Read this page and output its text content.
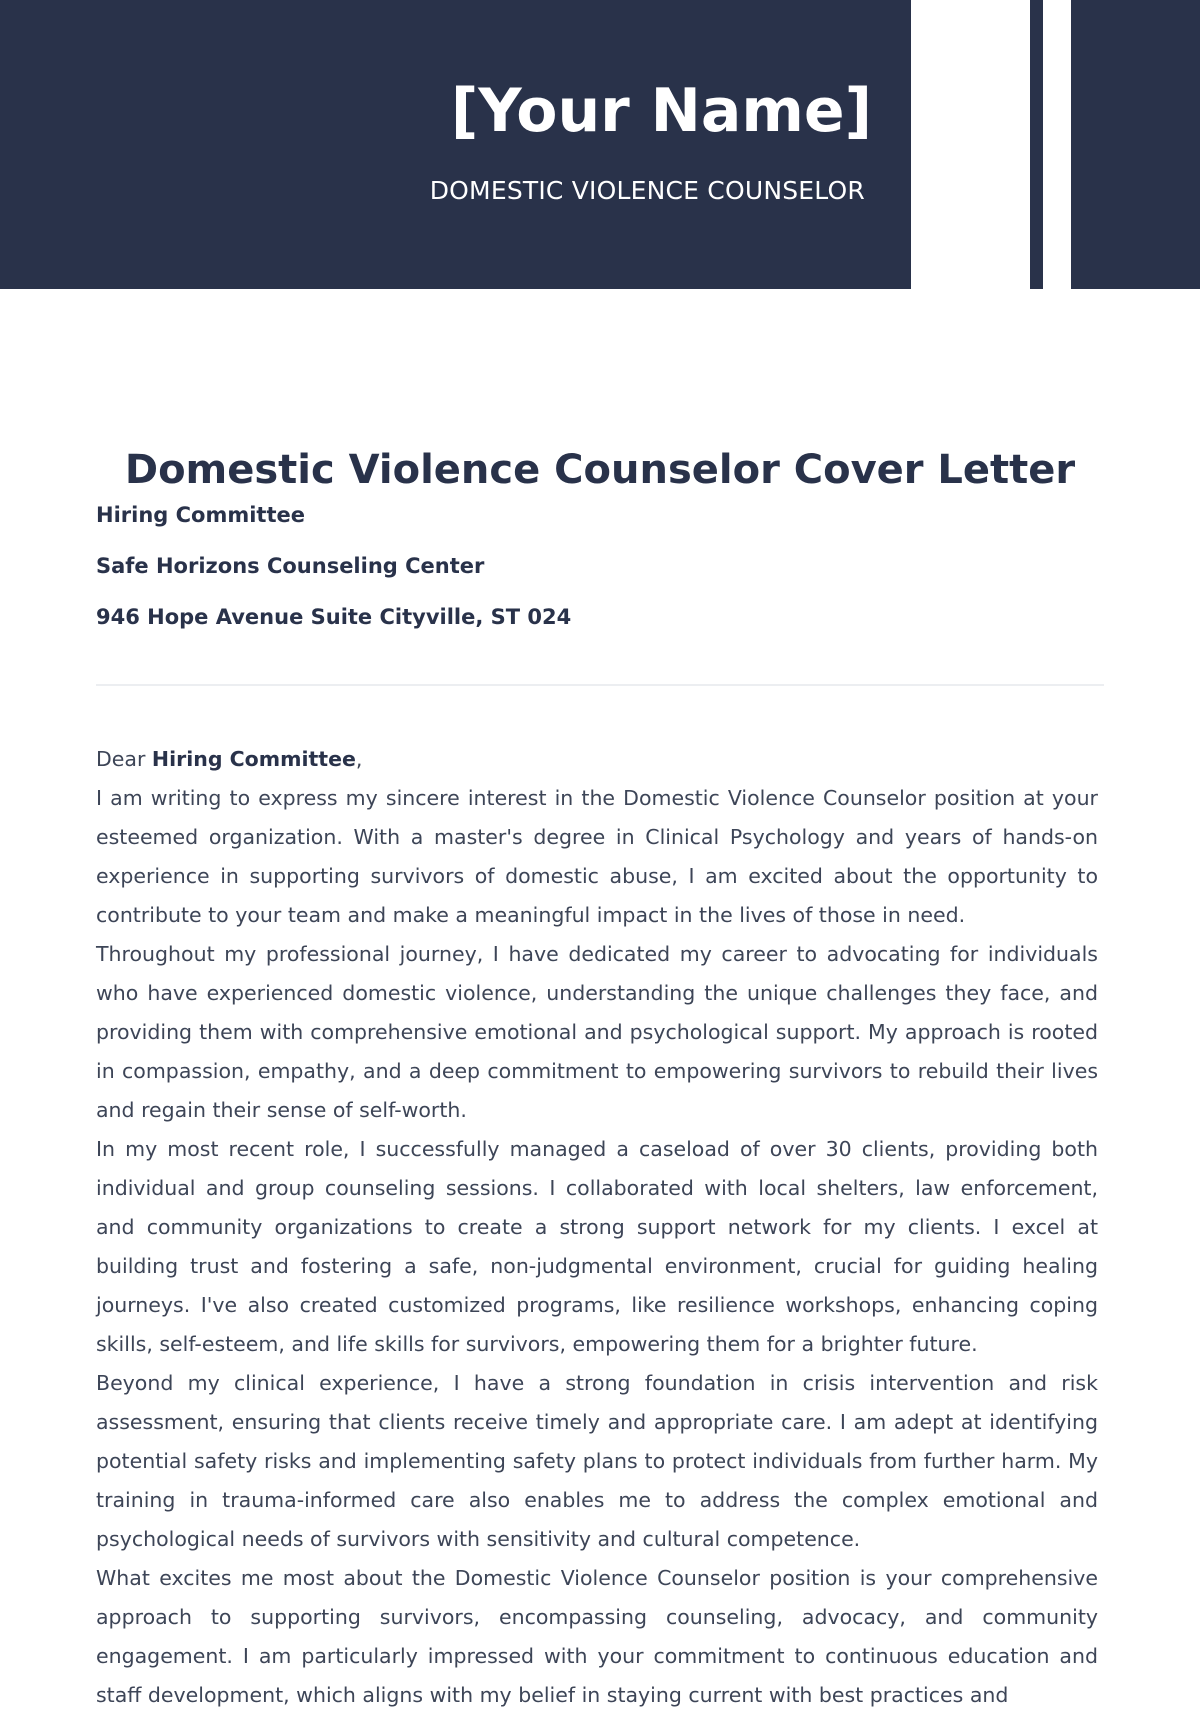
[Your Name]
DOMESTIC VIOLENCE COUNSELOR
Domestic Violence Counselor Cover Letter
Hiring Committee
Safe Horizons Counseling Center
946 Hope Avenue Suite Cityville, ST 024

Dear Hiring Committee,

I am writing to express my sincere interest in the Domestic Violence Counselor position at your esteemed organization. With a master's degree in Clinical Psychology and years of hands-on experience in supporting survivors of domestic abuse, I am excited about the opportunity to contribute to your team and make a meaningful impact in the lives of those in need.

Throughout my professional journey, I have dedicated my career to advocating for individuals who have experienced domestic violence, understanding the unique challenges they face, and providing them with comprehensive emotional and psychological support. My approach is rooted in compassion, empathy, and a deep commitment to empowering survivors to rebuild their lives and regain their sense of self-worth.

In my most recent role, I successfully managed a caseload of over 30 clients, providing both individual and group counseling sessions. I collaborated with local shelters, law enforcement, and community organizations to create a strong support network for my clients. I excel at building trust and fostering a safe, non-judgmental environment, crucial for guiding healing journeys. I've also created customized programs, like resilience workshops, enhancing coping skills, self-esteem, and life skills for survivors, empowering them for a brighter future.

Beyond my clinical experience, I have a strong foundation in crisis intervention and risk assessment, ensuring that clients receive timely and appropriate care. I am adept at identifying potential safety risks and implementing safety plans to protect individuals from further harm. My training in trauma-informed care also enables me to address the complex emotional and psychological needs of survivors with sensitivity and cultural competence.

What excites me most about the Domestic Violence Counselor position is your comprehensive approach to supporting survivors, encompassing counseling, advocacy, and community engagement. I am particularly impressed with your commitment to continuous education and staff development, which aligns with my belief in staying current with best practices and
